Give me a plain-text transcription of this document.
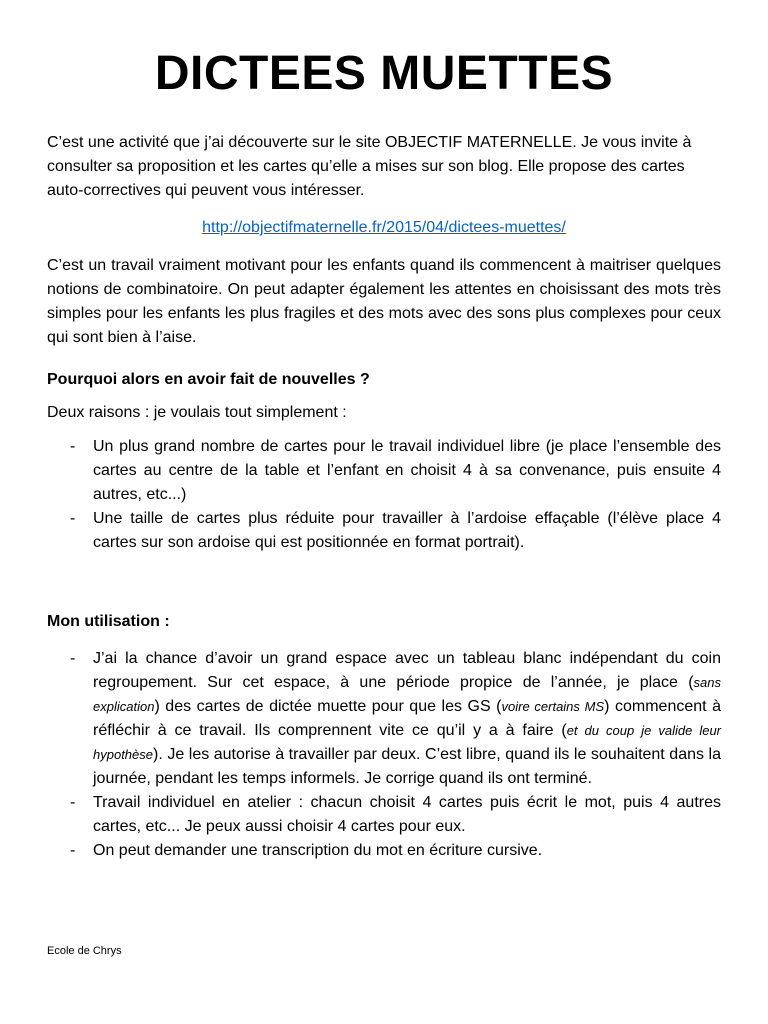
DICTEES MUETTES
C’est une activité que j’ai découverte sur le site OBJECTIF MATERNELLE. Je vous invite à consulter sa proposition et les cartes qu’elle a mises sur son blog. Elle propose des cartes auto-correctives qui peuvent vous intéresser.
http://objectifmaternelle.fr/2015/04/dictees-muettes/
C’est un travail vraiment motivant pour les enfants quand ils commencent à maitriser quelques notions de combinatoire. On peut adapter également les attentes en choisissant des mots très simples pour les enfants les plus fragiles et des mots avec des sons plus complexes pour ceux qui sont bien à l’aise.
Pourquoi alors en avoir fait de nouvelles ?
Deux raisons : je voulais tout simplement :
- Un plus grand nombre de cartes pour le travail individuel libre (je place l’ensemble des cartes au centre de la table et l’enfant en choisit 4 à sa convenance, puis ensuite 4 autres, etc...)
- Une taille de cartes plus réduite pour travailler à l’ardoise effaçable (l’élève place 4 cartes sur son ardoise qui est positionnée en format portrait).
Mon utilisation :
- J’ai la chance d’avoir un grand espace avec un tableau blanc indépendant du coin regroupement. Sur cet espace, à une période propice de l’année, je place (sans explication) des cartes de dictée muette pour que les GS (voire certains MS) commencent à réfléchir à ce travail. Ils comprennent vite ce qu’il y a à faire (et du coup je valide leur hypothèse). Je les autorise à travailler par deux. C’est libre, quand ils le souhaitent dans la journée, pendant les temps informels. Je corrige quand ils ont terminé.
- Travail individuel en atelier : chacun choisit 4 cartes puis écrit le mot, puis 4 autres cartes, etc... Je peux aussi choisir 4 cartes pour eux.
- On peut demander une transcription du mot en écriture cursive.
Ecole de Chrys
